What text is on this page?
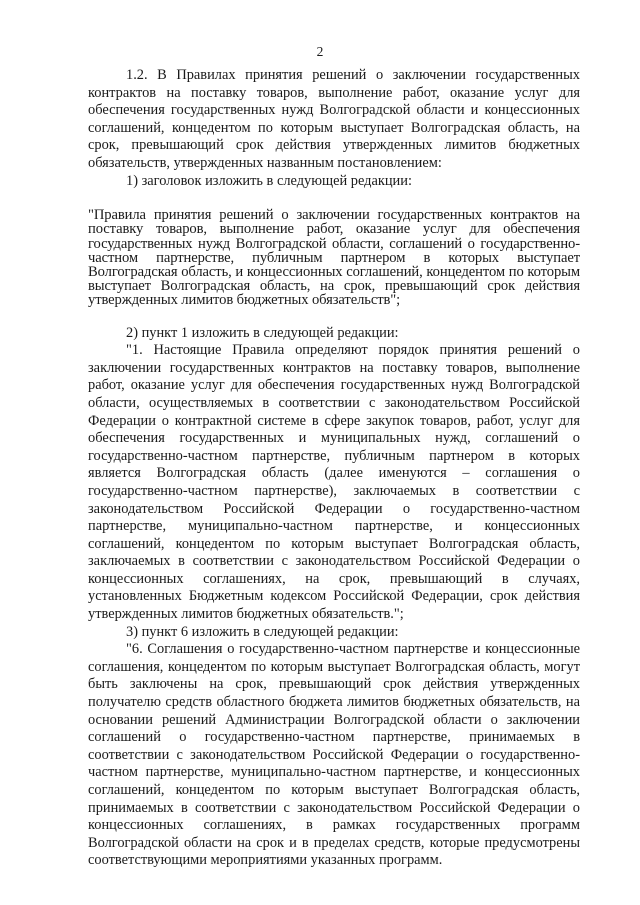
2

1.2. В Правилах принятия решений о заключении государственных контрактов на поставку товаров, выполнение работ, оказание услуг для обеспечения государственных нужд Волгоградской области и концессионных соглашений, концедентом по которым выступает Волгоградская область, на срок, превышающий срок действия утвержденных лимитов бюджетных обязательств, утвержденных названным постановлением:

1) заголовок изложить в следующей редакции:

"Правила принятия решений о заключении государственных контрактов на поставку товаров, выполнение работ, оказание услуг для обеспечения государственных нужд Волгоградской области, соглашений о государственно-частном партнерстве, публичным партнером в которых выступает Волгоградская область, и концессионных соглашений, концедентом по которым выступает Волгоградская область, на срок, превышающий срок действия утвержденных лимитов бюджетных обязательств";

2) пункт 1 изложить в следующей редакции:

"1. Настоящие Правила определяют порядок принятия решений о заключении государственных контрактов на поставку товаров, выполнение работ, оказание услуг для обеспечения государственных нужд Волгоградской области, осуществляемых в соответствии с законодательством Российской Федерации о контрактной системе в сфере закупок товаров, работ, услуг для обеспечения государственных и муниципальных нужд, соглашений о государственно-частном партнерстве, публичным партнером в которых является Волгоградская область (далее именуются – соглашения о государственно-частном партнерстве), заключаемых в соответствии с законодательством Российской Федерации о государственно-частном партнерстве, муниципально-частном партнерстве, и концессионных соглашений, концедентом по которым выступает Волгоградская область, заключаемых в соответствии с законодательством Российской Федерации о концессионных соглашениях, на срок, превышающий в случаях, установленных Бюджетным кодексом Российской Федерации, срок действия утвержденных лимитов бюджетных обязательств.";

3) пункт 6 изложить в следующей редакции:

"6. Соглашения о государственно-частном партнерстве и концессионные соглашения, концедентом по которым выступает Волгоградская область, могут быть заключены на срок, превышающий срок действия утвержденных получателю средств областного бюджета лимитов бюджетных обязательств, на основании решений Администрации Волгоградской области о заключении соглашений о государственно-частном партнерстве, принимаемых в соответствии с законодательством Российской Федерации о государственно-частном партнерстве, муниципально-частном партнерстве, и концессионных соглашений, концедентом по которым выступает Волгоградская область, принимаемых в соответствии с законодательством Российской Федерации о концессионных соглашениях, в рамках государственных программ Волгоградской области на срок и в пределах средств, которые предусмотрены соответствующими мероприятиями указанных программ.
